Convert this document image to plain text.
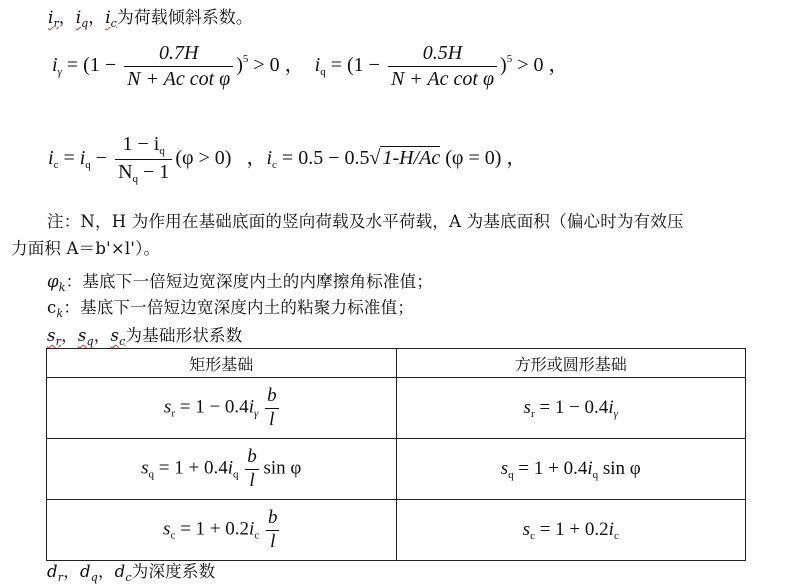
$i_r$，$i_q$，$i_c$为荷载倾斜系数。
$i_\gamma = (1 - \frac{0.7H}{\text{N + Ac cot φ}} )^5 > 0$ ， $i_q = (1 - \frac{0.5H}{\text{N + Ac cot φ}} )^5 > 0$ ，
$i_c = i_q - \frac{1 - i_q}{N_q - 1} (\varphi > 0)$ ，$i_c = 0.5 - 0.5√$ 1-H/Ac (φ = 0) ，
注：N，H 为作用在基础底面的竖向荷载及水平荷载，A 为基底面积（偏心时为有效压
力面积 A＝b'×l'）。
$\varphi_k$：基底下一倍短边宽深度内土的内摩擦角标准值；
$c_k$：基底下一倍短边宽深度内土的粘聚力标准值；
$s_r$，$s_q$，$s_c$为基础形状系数
矩形基础	方形或圆形基础
$s_r = 1 - 0.4i_\gamma \frac{b}{l}$	$s_r = 1 - 0.4i_\gamma$
$s_q = 1 + 0.4i_q \frac{b}{l}$ sin φ	$s_q = 1 + 0.4i_q$ sin φ
$s_c = 1 + 0.2i_c \frac{b}{l}$	$s_c = 1 + 0.2i_c$
$d_r$，$d_q$，$d_c$为深度系数
